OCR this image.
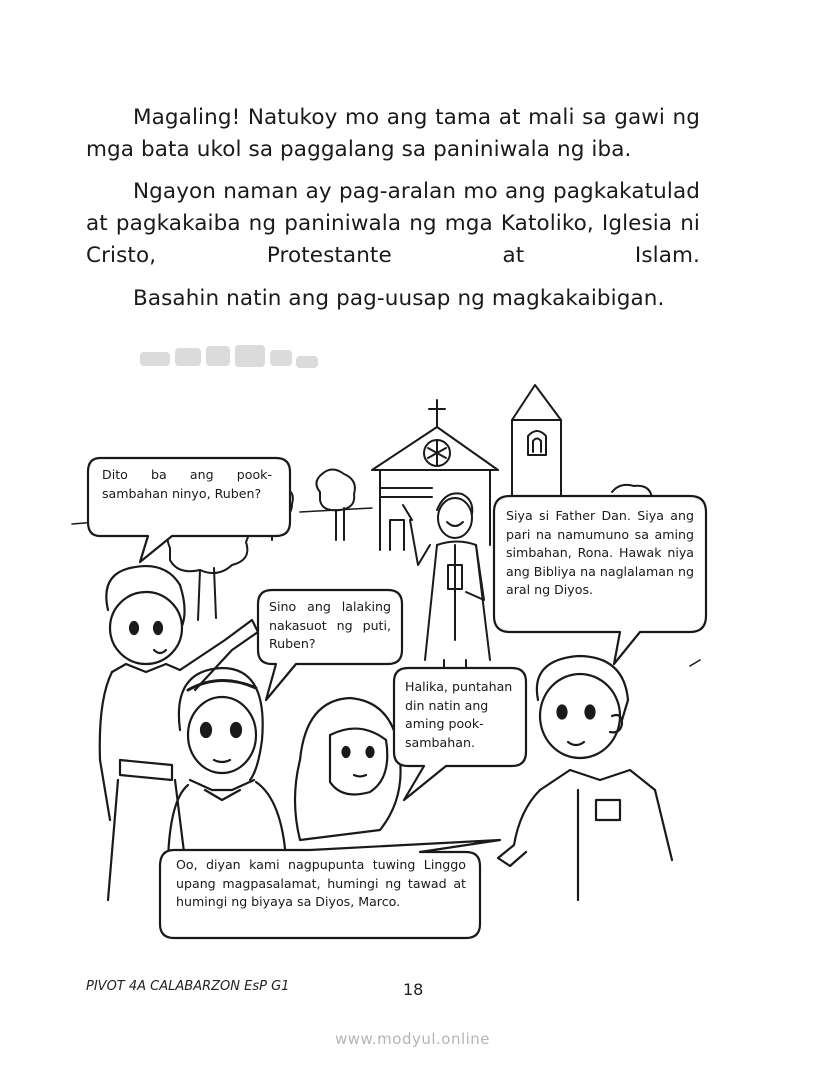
Magaling! Natukoy mo ang tama at mali sa gawi ng mga bata ukol sa paggalang sa paniniwala ng iba.

Ngayon naman ay pag-aralan mo ang pagkakatulad at pagkakaiba ng paniniwala ng mga Katoliko, Iglesia ni Cristo, Protestante at Islam.

Basahin natin ang pag-uusap ng magkakaibigan.

Dito ba ang pook-sambahan ninyo, Ruben?
Sino ang lalaking nakasuot ng puti, Ruben?
Siya si Father Dan. Siya ang pari na namumuno sa aming simbahan, Rona. Hawak niya ang Bibliya na naglalaman ng aral ng Diyos.
Halika, puntahan din natin ang aming pook-sambahan.
Oo, diyan kami nagpupunta tuwing Linggo upang magpasalamat, humingi ng tawad at humingi ng biyaya sa Diyos, Marco.
PIVOT 4A CALABARZON EsP G1	18
www.modyul.online
